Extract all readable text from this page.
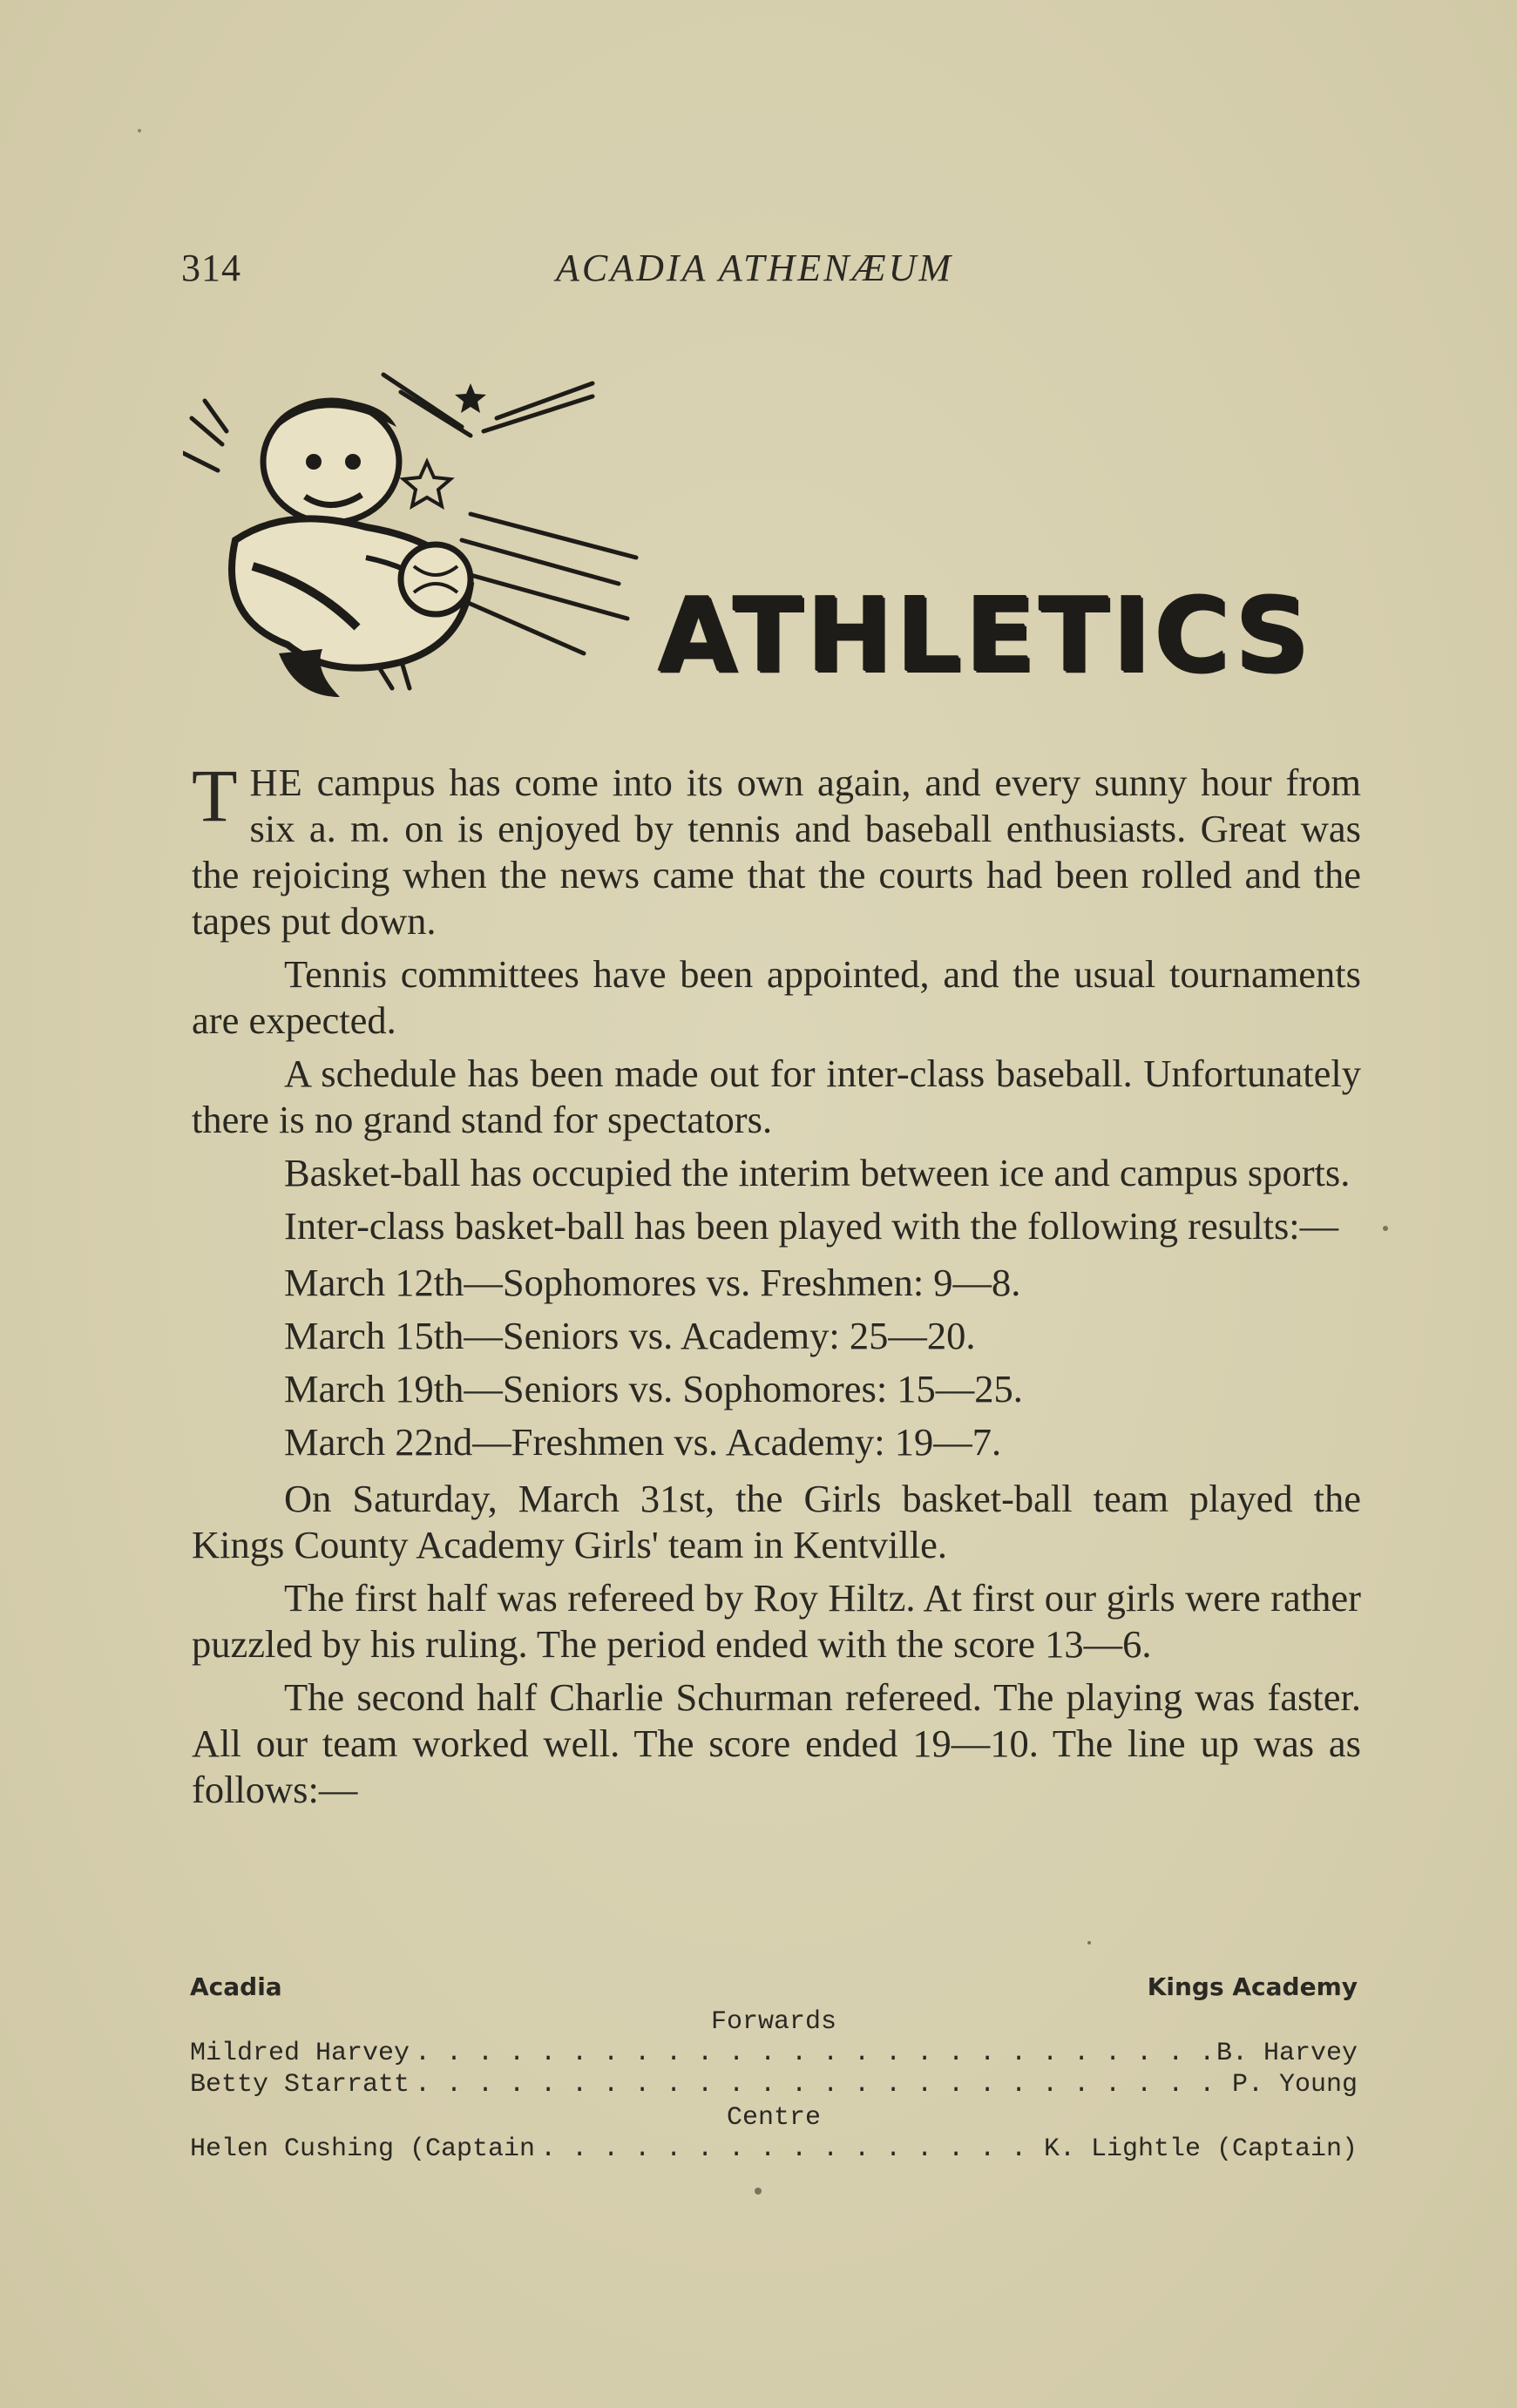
314	ACADIA ATHENÆUM
ATHLETICS

THE campus has come into its own again, and every sunny hour from six a. m. on is enjoyed by tennis and baseball enthusiasts. Great was the rejoicing when the news came that the courts had been rolled and the tapes put down.

Tennis committees have been appointed, and the usual tournaments are expected.

A schedule has been made out for inter-class baseball. Unfortunately there is no grand stand for spectators.

Basket-ball has occupied the interim between ice and campus sports.

Inter-class basket-ball has been played with the following results:—

March 12th—Sophomores vs. Freshmen: 9—8.
March 15th—Seniors vs. Academy: 25—20.
March 19th—Seniors vs. Sophomores: 15—25.
March 22nd—Freshmen vs. Academy: 19—7.

On Saturday, March 31st, the Girls basket-ball team played the Kings County Academy Girls' team in Kentville.

The first half was refereed by Roy Hiltz. At first our girls were rather puzzled by his ruling. The period ended with the score 13—6.

The second half Charlie Schurman refereed. The playing was faster. All our team worked well. The score ended 19—10. The line up was as follows:—

Acadia	Kings Academy
Forwards
Mildred Harvey . . .	B. Harvey
Betty Starratt . . .	P. Young
Centre
Helen Cushing (Captain . . .	K. Lightle (Captain)
